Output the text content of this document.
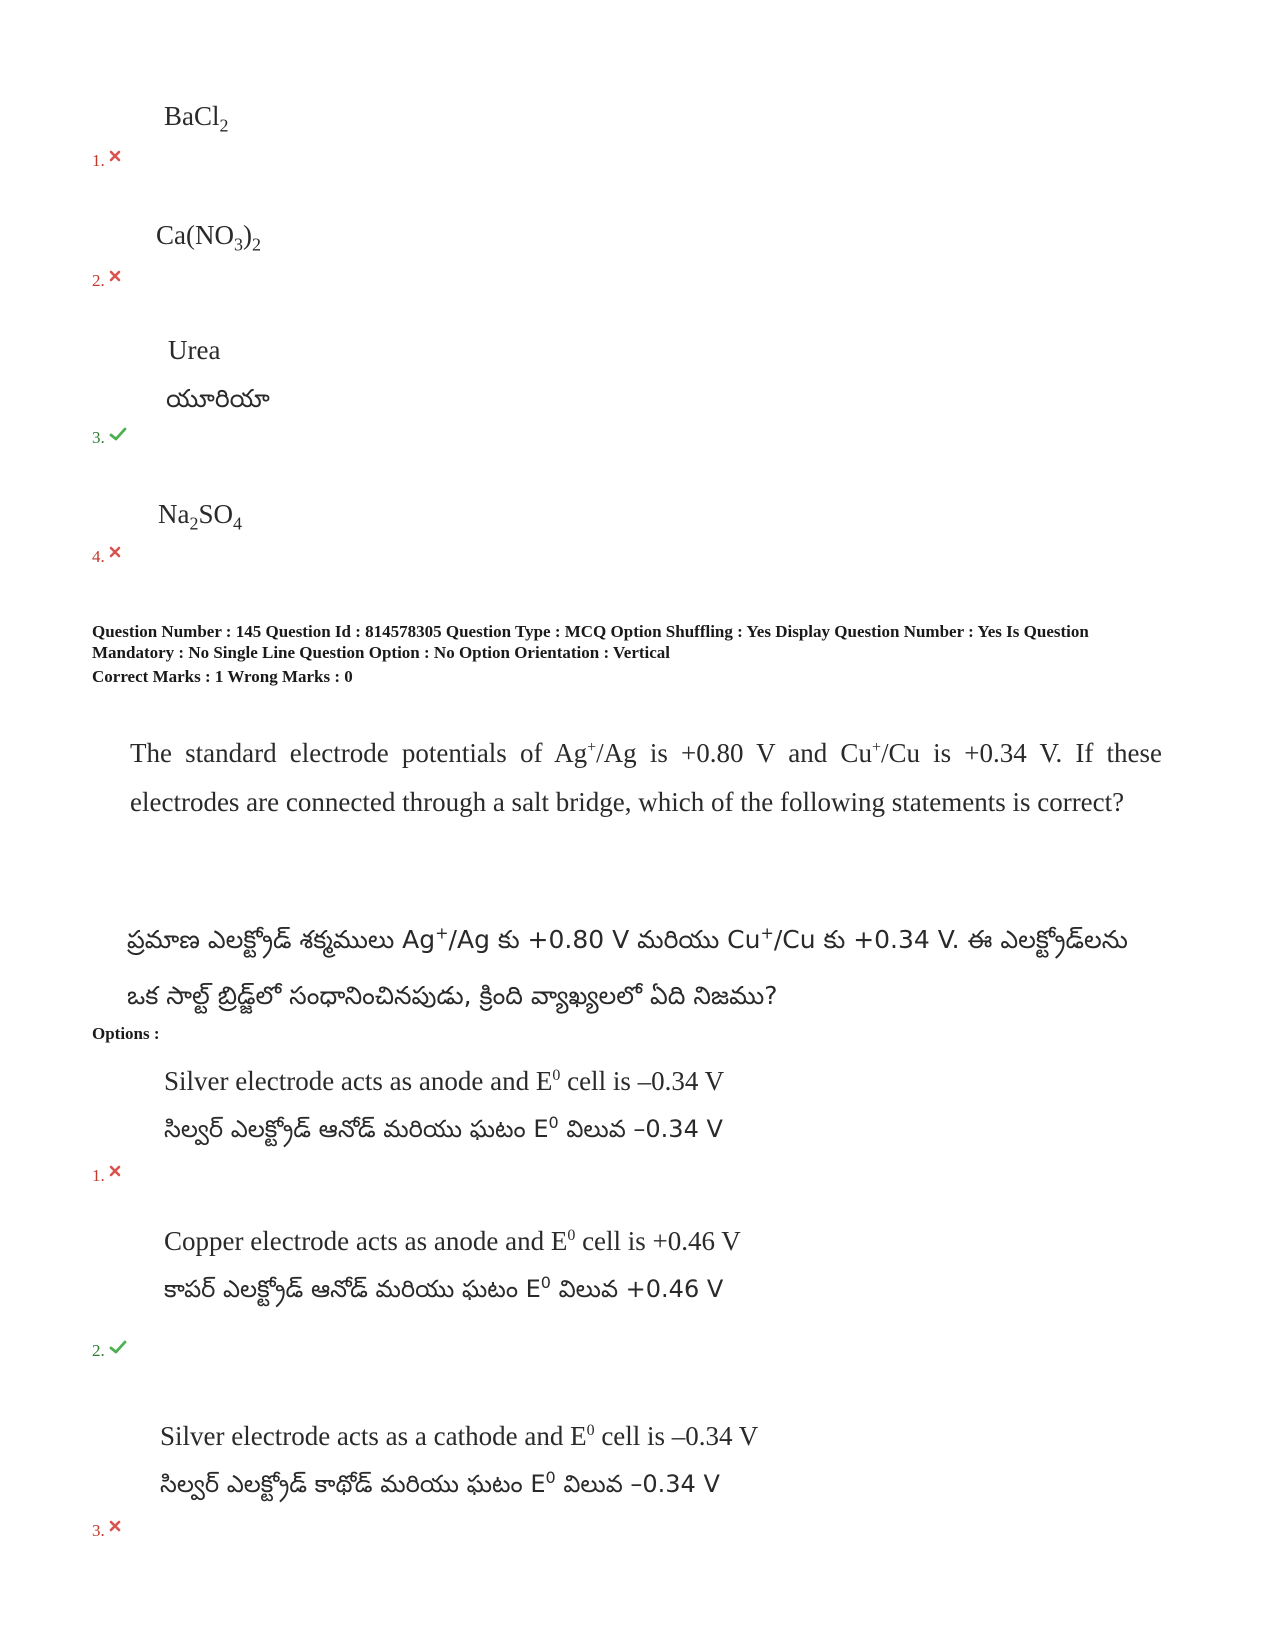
BaCl$_2$
1.
$Ca(NO_3)_2$
2.
Urea
యూరియా
3.
$Na_2SO_4$
4.
Question Number : 145 Question Id : 814578305 Question Type : MCQ Option Shuffling : Yes Display Question Number : Yes Is Question
Mandatory : No Single Line Question Option : No Option Orientation : Vertical
Correct Marks : 1 Wrong Marks : 0
The standard electrode potentials of Ag+/Ag is +0.80 V and Cu+/Cu is +0.34 V. If these electrodes are connected through a salt bridge, which of the following statements is correct?
ప్రమాణ ఎలక్ట్రోడ్ శక్మములు Ag+/Ag కు +0.80 V మరియు Cu+/Cu కు +0.34 V. ఈ ఎలక్ట్రోడ్‌లను ఒక సాల్ట్ బ్రిడ్జ్‌లో సంధానించినపుడు, క్రింది వ్యాఖ్యలలో ఏది నిజము?
Options :
Silver electrode acts as anode and $E^0$ cell is –0.34 V
సిల్వర్ ఎలక్ట్రోడ్ ఆనోడ్ మరియు ఘటం $E^0$ విలువ –0.34 V
1.
Copper electrode acts as anode and $E^0$ cell is +0.46 V
కాపర్ ఎలక్ట్రోడ్ ఆనోడ్ మరియు ఘటం $E^0$ విలువ +0.46 V
2.
Silver electrode acts as a cathode and $E^0$ cell is –0.34 V
సిల్వర్ ఎలక్ట్రోడ్ కాథోడ్ మరియు ఘటం $E^0$ విలువ –0.34 V
3.
